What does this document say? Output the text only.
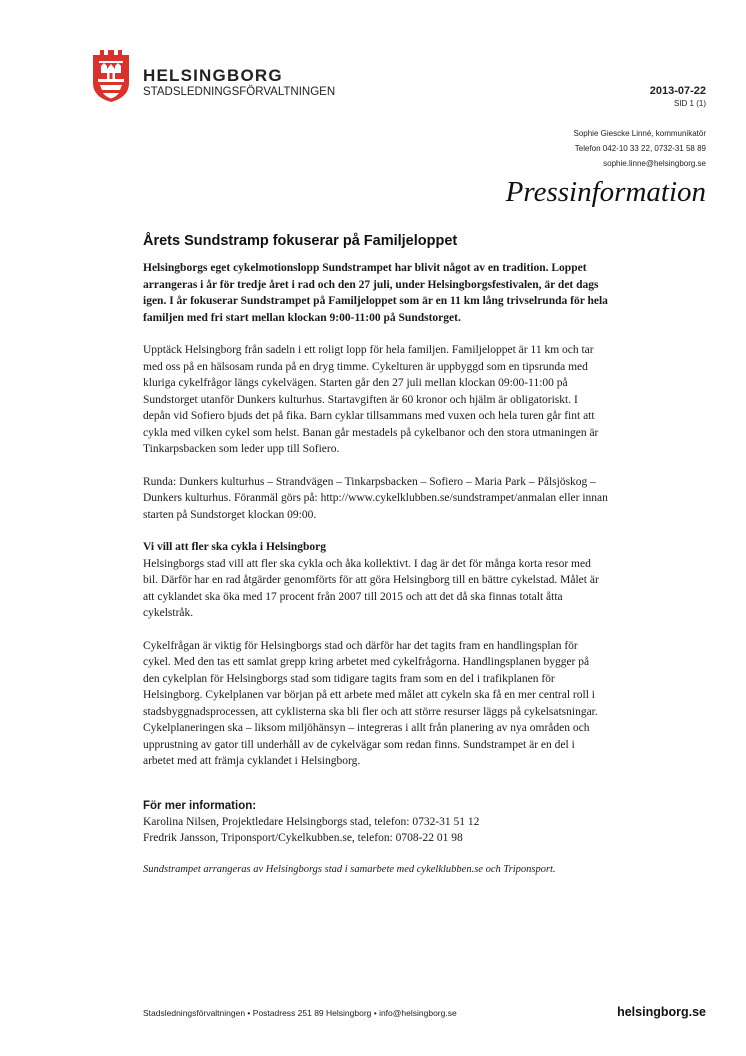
HELSINGBORG
STADSLEDNINGSFÖRVALTNINGEN	2013-07-22
SID 1 (1)
Sophie Giescke Linné, kommunikatör
Telefon 042-10 33 22, 0732-31 58 89
sophie.linne@helsingborg.se
Pressinformation
Årets Sundstramp fokuserar på Familjeloppet

Helsingborgs eget cykelmotionslopp Sundstrampet har blivit något av en tradition. Loppet arrangeras i år för tredje året i rad och den 27 juli, under Helsingborgsfestivalen, är det dags igen. I år fokuserar Sundstrampet på Familjeloppet som är en 11 km lång trivselrunda för hela familjen med fri start mellan klockan 9:00-11:00 på Sundstorget.

Upptäck Helsingborg från sadeln i ett roligt lopp för hela familjen. Familjeloppet är 11 km och tar med oss på en hälsosam runda på en dryg timme. Cykelturen är uppbyggd som en tipsrunda med kluriga cykelfrågor längs cykelvägen. Starten går den 27 juli mellan klockan 09:00-11:00 på Sundstorget utanför Dunkers kulturhus. Startavgiften är 60 kronor och hjälm är obligatoriskt. I depån vid Sofiero bjuds det på fika. Barn cyklar tillsammans med vuxen och hela turen går fint att cykla med vilken cykel som helst. Banan går mestadels på cykelbanor och den stora utmaningen är Tinkarpsbacken som leder upp till Sofiero.

Runda: Dunkers kulturhus – Strandvägen – Tinkarpsbacken – Sofiero – Maria Park – Pålsjöskog – Dunkers kulturhus. Föranmäl görs på: http://www.cykelklubben.se/sundstrampet/anmalan eller innan starten på Sundstorget klockan 09:00.

Vi vill att fler ska cykla i Helsingborg

Helsingborgs stad vill att fler ska cykla och åka kollektivt. I dag är det för många korta resor med bil. Därför har en rad åtgärder genomförts för att göra Helsingborg till en bättre cykelstad. Målet är att cyklandet ska öka med 17 procent från 2007 till 2015 och att det då ska finnas totalt åtta cykelstråk.

Cykelfrågan är viktig för Helsingborgs stad och därför har det tagits fram en handlingsplan för cykel. Med den tas ett samlat grepp kring arbetet med cykelfrågorna. Handlingsplanen bygger på den cykelplan för Helsingborgs stad som tidigare tagits fram som en del i trafikplanen för Helsingborg. Cykelplanen var början på ett arbete med målet att cykeln ska få en mer central roll i stadsbyggnadsprocessen, att cyklisterna ska bli fler och att större resurser läggs på cykelsatsningar. Cykelplaneringen ska – liksom miljöhänsyn – integreras i allt från planering av nya områden och upprustning av gator till underhåll av de cykelvägar som redan finns. Sundstrampet är en del i arbetet med att främja cyklandet i Helsingborg.

För mer information:

Karolina Nilsen, Projektledare Helsingborgs stad, telefon: 0732-31 51 12

Fredrik Jansson, Triponsport/Cykelkubben.se, telefon: 0708-22 01 98

Sundstrampet arrangeras av Helsingborgs stad i samarbete med cykelklubben.se och Triponsport.

Stadsledningsförvaltningen • Postadress 251 89 Helsingborg • info@helsingborg.se	helsingborg.se
